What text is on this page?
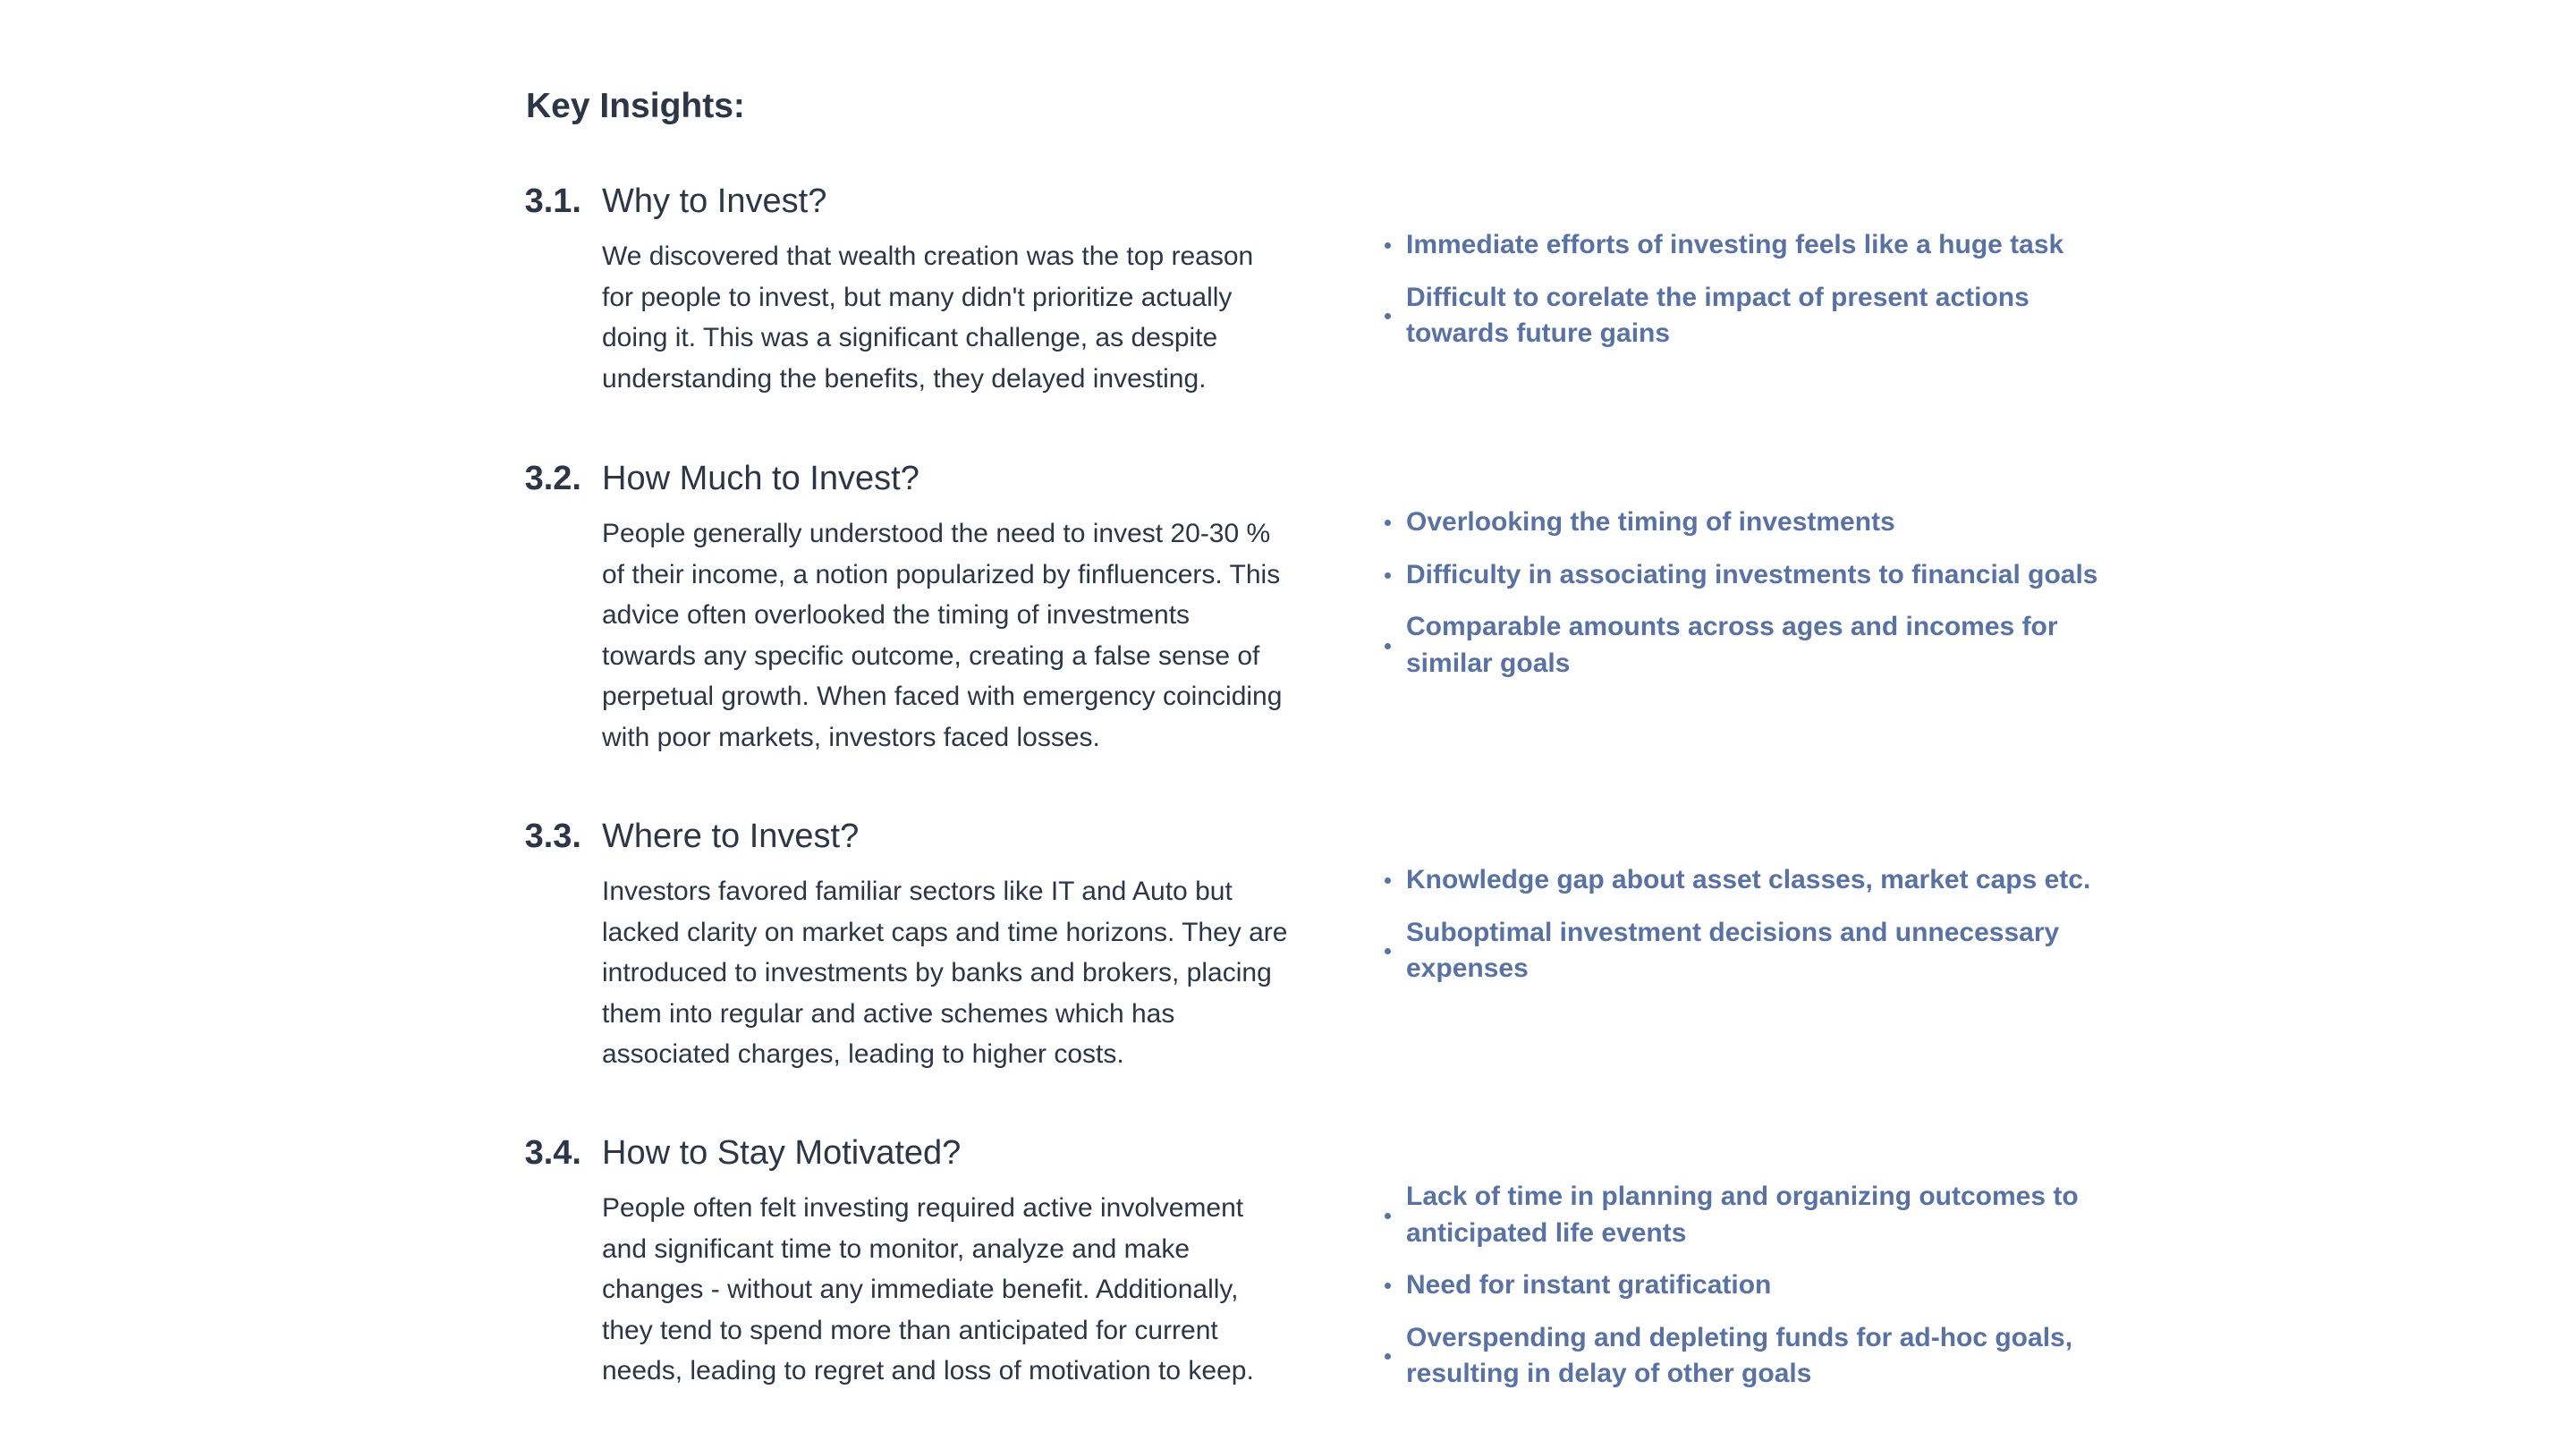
Key Insights:
3.1. Why to Invest?

We discovered that wealth creation was the top reason for people to invest, but many didn't prioritize actually doing it. This was a significant challenge, as despite understanding the benefits, they delayed investing.

Immediate efforts of investing feels like a huge task
Difficult to corelate the impact of present actions towards future gains
3.2. How Much to Invest?

People generally understood the need to invest 20-30 % of their income, a notion popularized by finfluencers. This advice often overlooked the timing of investments towards any specific outcome, creating a false sense of perpetual growth. When faced with emergency coinciding with poor markets, investors faced losses.

Overlooking the timing of investments
Difficulty in associating investments to financial goals
Comparable amounts across ages and incomes for similar goals
3.3. Where to Invest?

Investors favored familiar sectors like IT and Auto but lacked clarity on market caps and time horizons. They are introduced to investments by banks and brokers, placing them into regular and active schemes which has associated charges, leading to higher costs.

Knowledge gap about asset classes, market caps etc.
Suboptimal investment decisions and unnecessary expenses
3.4. How to Stay Motivated?

People often felt investing required active involvement and significant time to monitor, analyze and make changes - without any immediate benefit. Additionally, they tend to spend more than anticipated for current needs, leading to regret and loss of motivation to keep.

Lack of time in planning and organizing outcomes to anticipated life events
Need for instant gratification
Overspending and depleting funds for ad-hoc goals, resulting in delay of other goals
